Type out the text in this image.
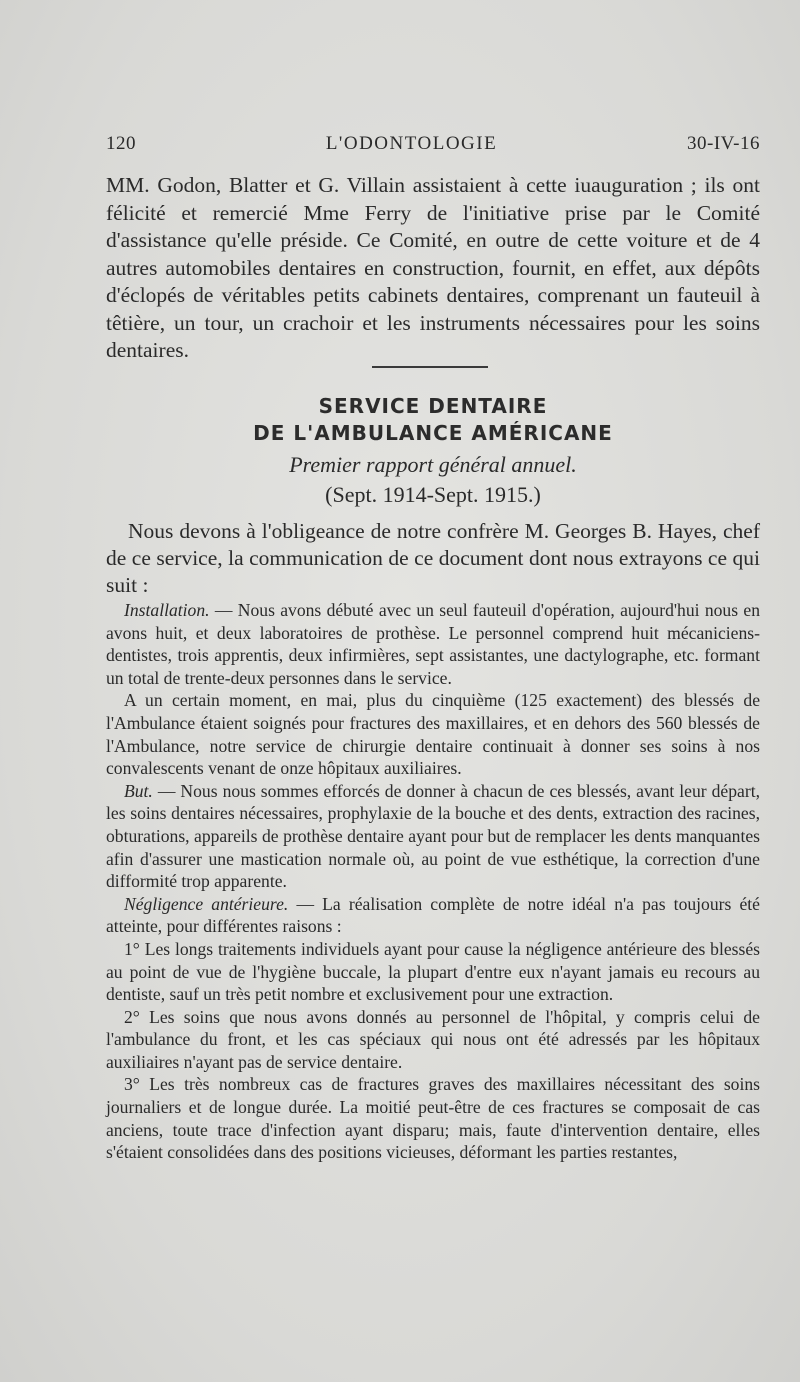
120	L'ODONTOLOGIE	30-IV-16

MM. Godon, Blatter et G. Villain assistaient à cette iuauguration ; ils ont félicité et remercié Mme Ferry de l'initiative prise par le Comité d'assistance qu'elle préside. Ce Comité, en outre de cette voiture et de 4 autres automobiles dentaires en construction, fournit, en effet, aux dépôts d'éclopés de véritables petits cabinets dentaires, comprenant un fauteuil à têtière, un tour, un crachoir et les instruments nécessaires pour les soins dentaires.

SERVICE DENTAIRE
DE L'AMBULANCE AMÉRICANE
Premier rapport général annuel.
(Sept. 1914-Sept. 1915.)

Nous devons à l'obligeance de notre confrère M. Georges B. Hayes, chef de ce service, la communication de ce document dont nous extrayons ce qui suit :

Installation. — Nous avons débuté avec un seul fauteuil d'opération, aujourd'hui nous en avons huit, et deux laboratoires de prothèse. Le personnel comprend huit mécaniciens-dentistes, trois apprentis, deux infirmières, sept assistantes, une dactylographe, etc. formant un total de trente-deux personnes dans le service.

A un certain moment, en mai, plus du cinquième (125 exactement) des blessés de l'Ambulance étaient soignés pour fractures des maxillaires, et en dehors des 560 blessés de l'Ambulance, notre service de chirurgie dentaire continuait à donner ses soins à nos convalescents venant de onze hôpitaux auxiliaires.

But. — Nous nous sommes efforcés de donner à chacun de ces blessés, avant leur départ, les soins dentaires nécessaires, prophylaxie de la bouche et des dents, extraction des racines, obturations, appareils de prothèse dentaire ayant pour but de remplacer les dents manquantes afin d'assurer une mastication normale où, au point de vue esthétique, la correction d'une difformité trop apparente.

Négligence antérieure. — La réalisation complète de notre idéal n'a pas toujours été atteinte, pour différentes raisons :

1° Les longs traitements individuels ayant pour cause la négligence antérieure des blessés au point de vue de l'hygiène buccale, la plupart d'entre eux n'ayant jamais eu recours au dentiste, sauf un très petit nombre et exclusivement pour une extraction.

2° Les soins que nous avons donnés au personnel de l'hôpital, y compris celui de l'ambulance du front, et les cas spéciaux qui nous ont été adressés par les hôpitaux auxiliaires n'ayant pas de service dentaire.

3° Les très nombreux cas de fractures graves des maxillaires nécessitant des soins journaliers et de longue durée. La moitié peut-être de ces fractures se composait de cas anciens, toute trace d'infection ayant disparu; mais, faute d'intervention dentaire, elles s'étaient consolidées dans des positions vicieuses, déformant les parties restantes,
